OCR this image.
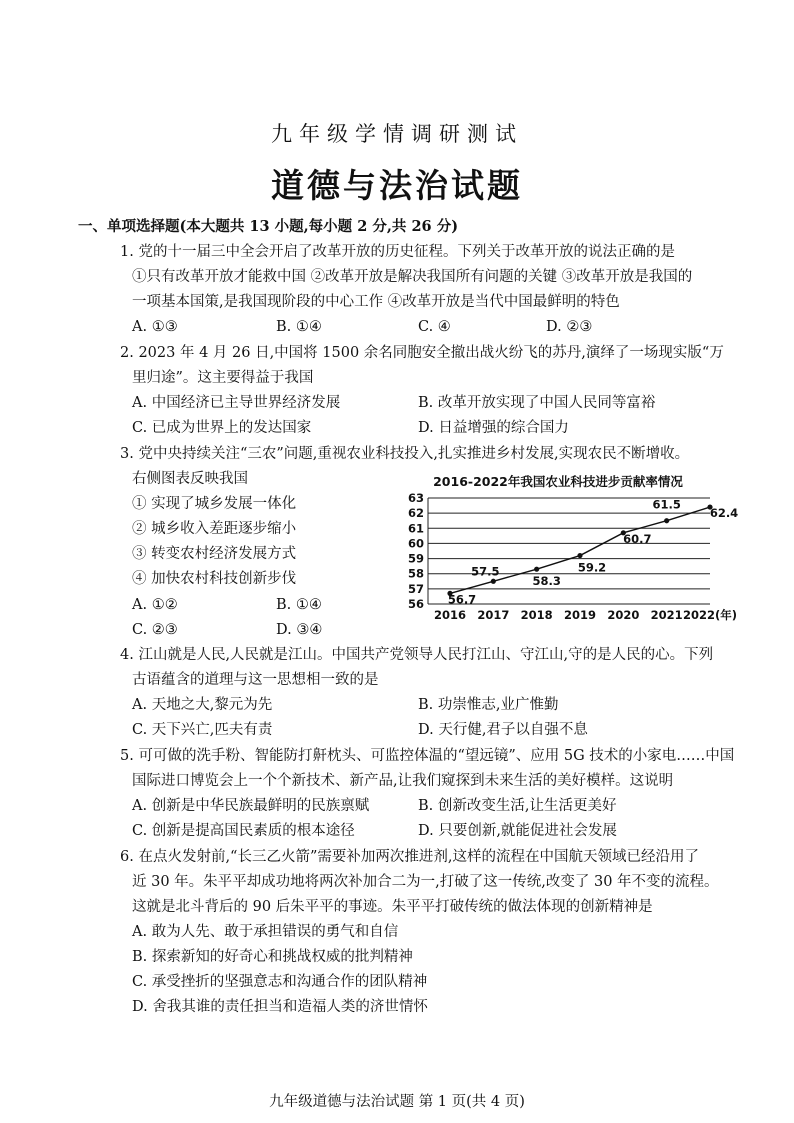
九年级学情调研测试
道德与法治试题
一、单项选择题(本大题共 13 小题,每小题 2 分,共 26 分)
1. 党的十一届三中全会开启了改革开放的历史征程。下列关于改革开放的说法正确的是
①只有改革开放才能救中国 ②改革开放是解决我国所有问题的关键 ③改革开放是我国的
一项基本国策,是我国现阶段的中心工作 ④改革开放是当代中国最鲜明的特色
A. ①③	B. ①④	C. ④	D. ②③
2. 2023 年 4 月 26 日,中国将 1500 余名同胞安全撤出战火纷飞的苏丹,演绎了一场现实版“万
里归途”。这主要得益于我国
A. 中国经济已主导世界经济发展	B. 改革开放实现了中国人民同等富裕
C. 已成为世界上的发达国家	D. 日益增强的综合国力
3. 党中央持续关注“三农”问题,重视农业科技投入,扎实推进乡村发展,实现农民不断增收。
右侧图表反映我国
① 实现了城乡发展一体化
② 城乡收入差距逐步缩小
③ 转变农村经济发展方式
④ 加快农村科技创新步伐
A. ①②	B. ①④
C. ②③	D. ③④
2016-2022年我国农业科技进步贡献率情况
56
57
58
59
60
61
62
63
2016 2017 2018 2019 2020 2021 2022(年)
56.7
57.5
58.3
59.2
60.7
61.5
62.4
4. 江山就是人民,人民就是江山。中国共产党领导人民打江山、守江山,守的是人民的心。下列
古语蕴含的道理与这一思想相一致的是
A. 天地之大,黎元为先	B. 功崇惟志,业广惟勤
C. 天下兴亡,匹夫有责	D. 天行健,君子以自强不息
5. 可可做的洗手粉、智能防打鼾枕头、可监控体温的“望远镜”、应用 5G 技术的小家电……中国
国际进口博览会上一个个新技术、新产品,让我们窥探到未来生活的美好模样。这说明
A. 创新是中华民族最鲜明的民族禀赋	B. 创新改变生活,让生活更美好
C. 创新是提高国民素质的根本途径	D. 只要创新,就能促进社会发展
6. 在点火发射前,“长三乙火箭”需要补加两次推进剂,这样的流程在中国航天领域已经沿用了
近 30 年。朱平平却成功地将两次补加合二为一,打破了这一传统,改变了 30 年不变的流程。
这就是北斗背后的 90 后朱平平的事迹。朱平平打破传统的做法体现的创新精神是
A. 敢为人先、敢于承担错误的勇气和自信
B. 探索新知的好奇心和挑战权威的批判精神
C. 承受挫折的坚强意志和沟通合作的团队精神
D. 舍我其谁的责任担当和造福人类的济世情怀
九年级道德与法治试题 第 1 页(共 4 页)
